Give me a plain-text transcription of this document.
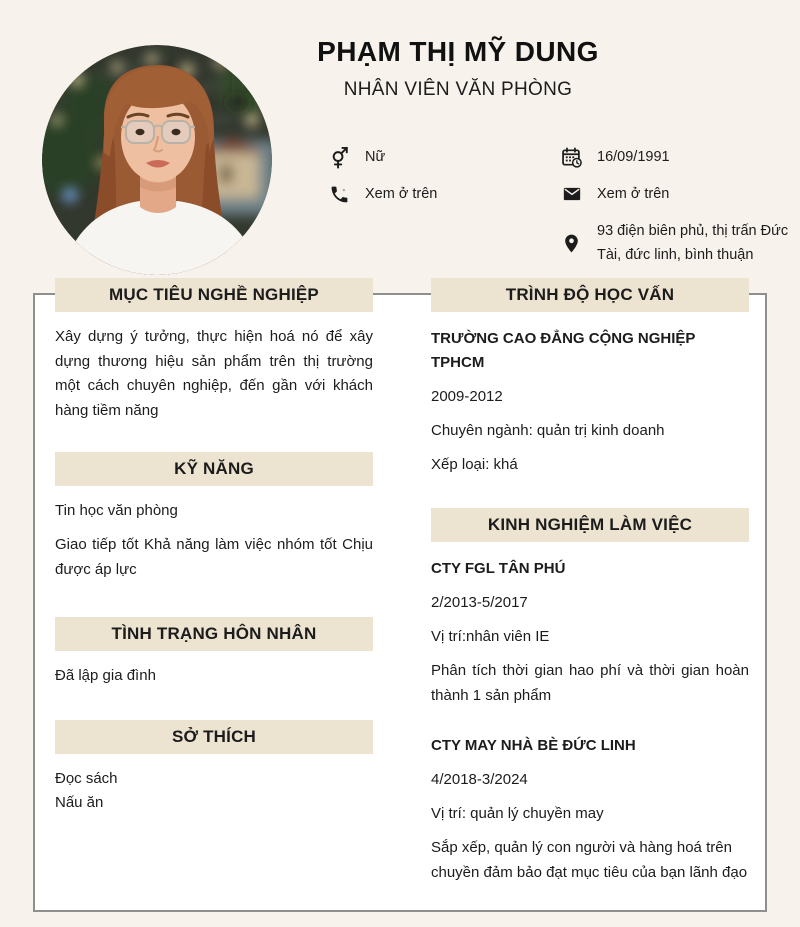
PHẠM THỊ MỸ DUNG
NHÂN VIÊN VĂN PHÒNG
Nữ
Xem ở trên
16/09/1991
Xem ở trên
93 điện biên phủ, thị trấn Đức Tài, đức linh, bình thuận
MỤC TIÊU NGHỀ NGHIỆP

Xây dựng ý tưởng, thực hiện hoá nó để xây dựng thương hiệu sản phẩm trên thị trường một cách chuyên nghiệp, đến gần với khách hàng tiềm năng

KỸ NĂNG
Tin học văn phòng

Giao tiếp tốt Khả năng làm việc nhóm tốt Chịu được áp lực

TÌNH TRẠNG HÔN NHÂN
Đã lập gia đình
SỞ THÍCH
Đọc sách
Nấu ăn
TRÌNH ĐỘ HỌC VẤN
TRƯỜNG CAO ĐẲNG CỘNG NGHIỆP TPHCM
2009-2012
Chuyên ngành: quản trị kinh doanh
Xếp loại: khá
KINH NGHIỆM LÀM VIỆC
CTY FGL TÂN PHÚ
2/2013-5/2017
Vị trí:nhân viên IE

Phân tích thời gian hao phí và thời gian hoàn thành 1 sản phẩm

CTY MAY NHÀ BÈ ĐỨC LINH
4/2018-3/2024
Vị trí: quản lý chuyền may

Sắp xếp, quản lý con người và hàng hoá trên chuyền đảm bảo đạt mục tiêu của bạn lãnh đạo
